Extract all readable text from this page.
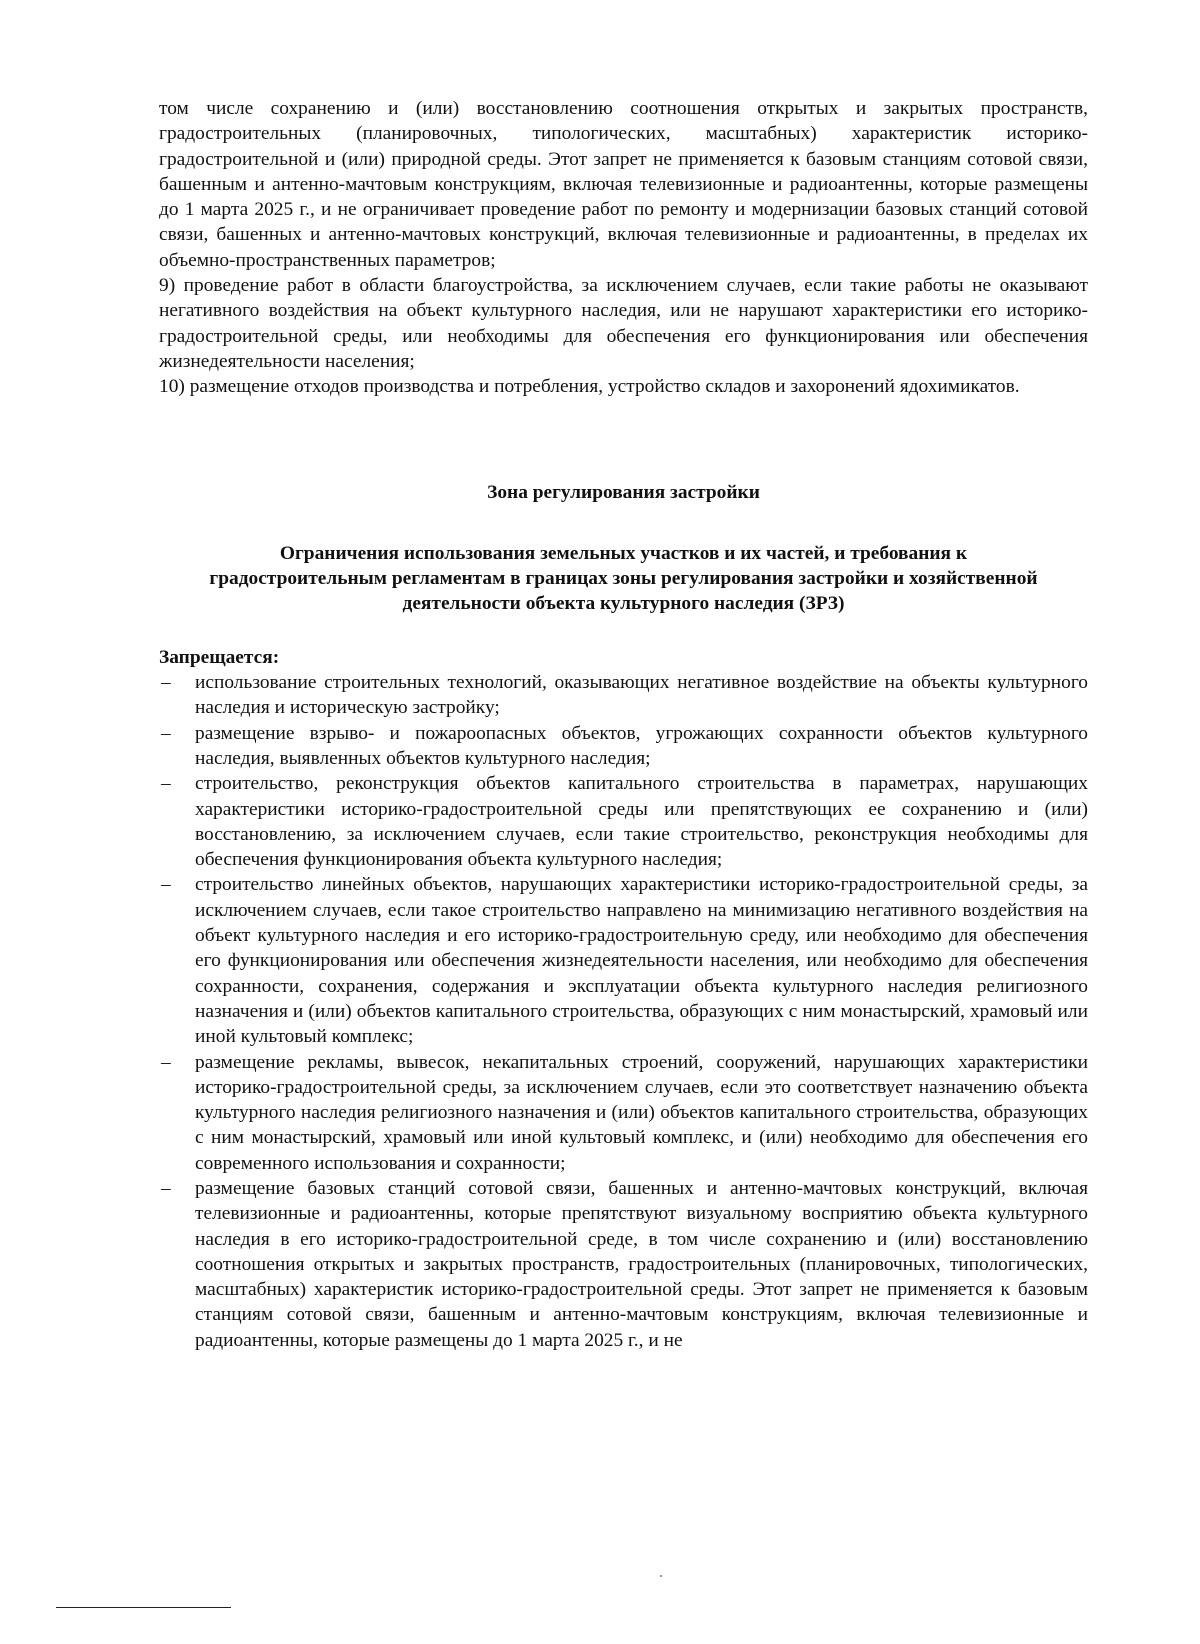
том числе сохранению и (или) восстановлению соотношения открытых и закрытых пространств, градостроительных (планировочных, типологических, масштабных) характеристик историко-градостроительной и (или) природной среды. Этот запрет не применяется к базовым станциям сотовой связи, башенным и антенно-мачтовым конструкциям, включая телевизионные и радиоантенны, которые размещены до 1 марта 2025 г., и не ограничивает проведение работ по ремонту и модернизации базовых станций сотовой связи, башенных и антенно-мачтовых конструкций, включая телевизионные и радиоантенны, в пределах их объемно-пространственных параметров;

9) проведение работ в области благоустройства, за исключением случаев, если такие работы не оказывают негативного воздействия на объект культурного наследия, или не нарушают характеристики его историко-градостроительной среды, или необходимы для обеспечения его функционирования или обеспечения жизнедеятельности населения;

10) размещение отходов производства и потребления, устройство складов и захоронений ядохимикатов.

Зона регулирования застройки

Ограничения использования земельных участков и их частей, и требования к градостроительным регламентам в границах зоны регулирования застройки и хозяйственной деятельности объекта культурного наследия (ЗРЗ)

Запрещается:

– использование строительных технологий, оказывающих негативное воздействие на объекты культурного наследия и историческую застройку;
– размещение взрыво- и пожароопасных объектов, угрожающих сохранности объектов культурного наследия, выявленных объектов культурного наследия;
– строительство, реконструкция объектов капитального строительства в параметрах, нарушающих характеристики историко-градостроительной среды или препятствующих ее сохранению и (или) восстановлению, за исключением случаев, если такие строительство, реконструкция необходимы для обеспечения функционирования объекта культурного наследия;
– строительство линейных объектов, нарушающих характеристики историко-градостроительной среды, за исключением случаев, если такое строительство направлено на минимизацию негативного воздействия на объект культурного наследия и его историко-градостроительную среду, или необходимо для обеспечения его функционирования или обеспечения жизнедеятельности населения, или необходимо для обеспечения сохранности, сохранения, содержания и эксплуатации объекта культурного наследия религиозного назначения и (или) объектов капитального строительства, образующих с ним монастырский, храмовый или иной культовый комплекс;
– размещение рекламы, вывесок, некапитальных строений, сооружений, нарушающих характеристики историко-градостроительной среды, за исключением случаев, если это соответствует назначению объекта культурного наследия религиозного назначения и (или) объектов капитального строительства, образующих с ним монастырский, храмовый или иной культовый комплекс, и (или) необходимо для обеспечения его современного использования и сохранности;
– размещение базовых станций сотовой связи, башенных и антенно-мачтовых конструкций, включая телевизионные и радиоантенны, которые препятствуют визуальному восприятию объекта культурного наследия в его историко-градостроительной среде, в том числе сохранению и (или) восстановлению соотношения открытых и закрытых пространств, градостроительных (планировочных, типологических, масштабных) характеристик историко-градостроительной среды. Этот запрет не применяется к базовым станциям сотовой связи, башенным и антенно-мачтовым конструкциям, включая телевизионные и радиоантенны, которые размещены до 1 марта 2025 г., и не
